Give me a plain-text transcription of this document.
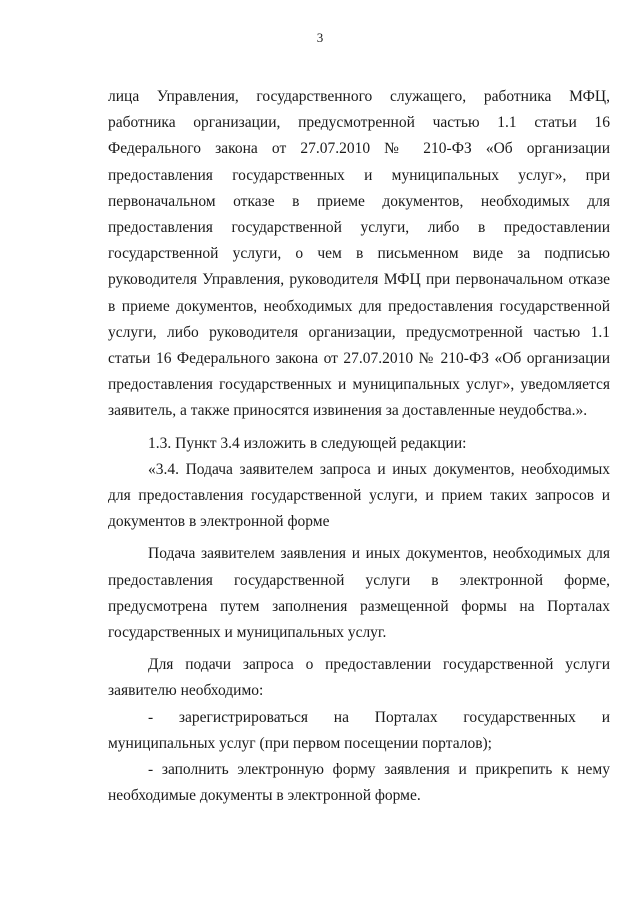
3

лица Управления, государственного служащего, работника МФЦ, работника организации, предусмотренной частью 1.1 статьи 16 Федерального закона от 27.07.2010 № 210-ФЗ «Об организации предоставления государственных и муниципальных услуг», при первоначальном отказе в приеме документов, необходимых для предоставления государственной услуги, либо в предоставлении государственной услуги, о чем в письменном виде за подписью руководителя Управления, руководителя МФЦ при первоначальном отказе в приеме документов, необходимых для предоставления государственной услуги, либо руководителя организации, предусмотренной частью 1.1 статьи 16 Федерального закона от 27.07.2010 № 210-ФЗ «Об организации предоставления государственных и муниципальных услуг», уведомляется заявитель, а также приносятся извинения за доставленные неудобства.».

1.3. Пункт 3.4 изложить в следующей редакции:

«3.4. Подача заявителем запроса и иных документов, необходимых для предоставления государственной услуги, и прием таких запросов и документов в электронной форме

Подача заявителем заявления и иных документов, необходимых для предоставления государственной услуги в электронной форме, предусмотрена путем заполнения размещенной формы на Порталах государственных и муниципальных услуг.

Для подачи запроса о предоставлении государственной услуги заявителю необходимо:

- зарегистрироваться на Порталах государственных и муниципальных услуг (при первом посещении порталов);

- заполнить электронную форму заявления и прикрепить к нему необходимые документы в электронной форме.
